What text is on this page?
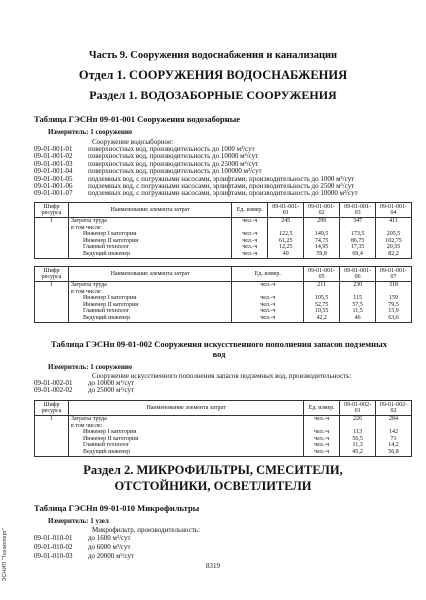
Часть 9. Сооружения водоснабжения и канализации
Отдел 1. СООРУЖЕНИЯ ВОДОСНАБЖЕНИЯ
Раздел 1. ВОДОЗАБОРНЫЕ СООРУЖЕНИЯ
Таблица ГЭСНп 09-01-001 Сооружения водозаборные
Измеритель: 1 сооружение
Сооружение водозаборное:
09-01-001-01	поверхностных вод, производительность до 1000 м³/сут
09-01-001-02	поверхностных вод, производительность до 10000 м³/сут
09-01-001-03	поверхностных вод, производительность до 25000 м³/сут
09-01-001-04	поверхностных вод, производительность до 100000 м³/сут
09-01-001-05	подземных вод, с погружными насосами, эрлифтами, производительность до 1000 м³/сут
09-01-001-06	подземных вод, с погружными насосами, эрлифтами, производительность до 2500 м³/сут
09-01-001-07	подземных вод, с погружными насосами, эрлифтами, производительность до 10000 м³/сут
Шифр ресурса	Наименование элемента затрат	Ед. измер.	09-01-001-01	09-01-001-02	09-01-001-03	09-01-001-04
1	Затраты труда	чел.-ч	245	299	347	411
	в том числе:					
	Инженер I категории	чел.-ч	122,5	149,5	173,5	205,5
	Инженер II категории	чел.-ч	61,25	74,75	86,75	102,75
	Главный технолог	чел.-ч	12,25	14,95	17,35	20,55
	Ведущий инженер	чел.-ч	49	59,8	69,4	82,2
Шифр ресурса	Наименование элемента затрат	Ед. измер.	09-01-001-05	09-01-001-06	09-01-001-07
1	Затраты труда	чел.-ч	211	230	318
	в том числе:				
	Инженер I категории	чел.-ч	105,5	115	159
	Инженер II категории	чел.-ч	52,75	57,5	79,5
	Главный технолог	чел.-ч	10,55	11,5	15,9
	Ведущий инженер	чел.-ч	42,2	46	63,6
Таблица ГЭСНп 09-01-002 Сооружения искусственного пополнения запасов подземных
вод
Измеритель: 1 сооружение
Сооружение искусственного пополнения запасов подземных вод, производительность:
09-01-002-01	до 10000 м³/сут
09-01-002-02	до 25000 м³/сут
Шифр ресурса	Наименование элемента затрат	Ед. измер.	09-01-002-01	09-01-002-02
1	Затраты труда	чел.-ч	226	284
	в том числе:			
	Инженер I категории	чел.-ч	113	142
	Инженер II категории	чел.-ч	56,5	71
	Главный технолог	чел.-ч	11,3	14,2
	Ведущий инженер	чел.-ч	45,2	56,8
Раздел 2. МИКРОФИЛЬТРЫ, СМЕСИТЕЛИ, ОТСТОЙНИКИ, ОСВЕТЛИТЕЛИ
Таблица ГЭСНп 09-01-010 Микрофильтры
Измеритель: 1 узел
Микрофильтр, производительность:
09-01-010-01	до 1600 м³/сут
09-01-010-02	до 6000 м³/сут
09-01-010-03	до 20000 м³/сут
8319
ЭСНИП "Техэксперт"
